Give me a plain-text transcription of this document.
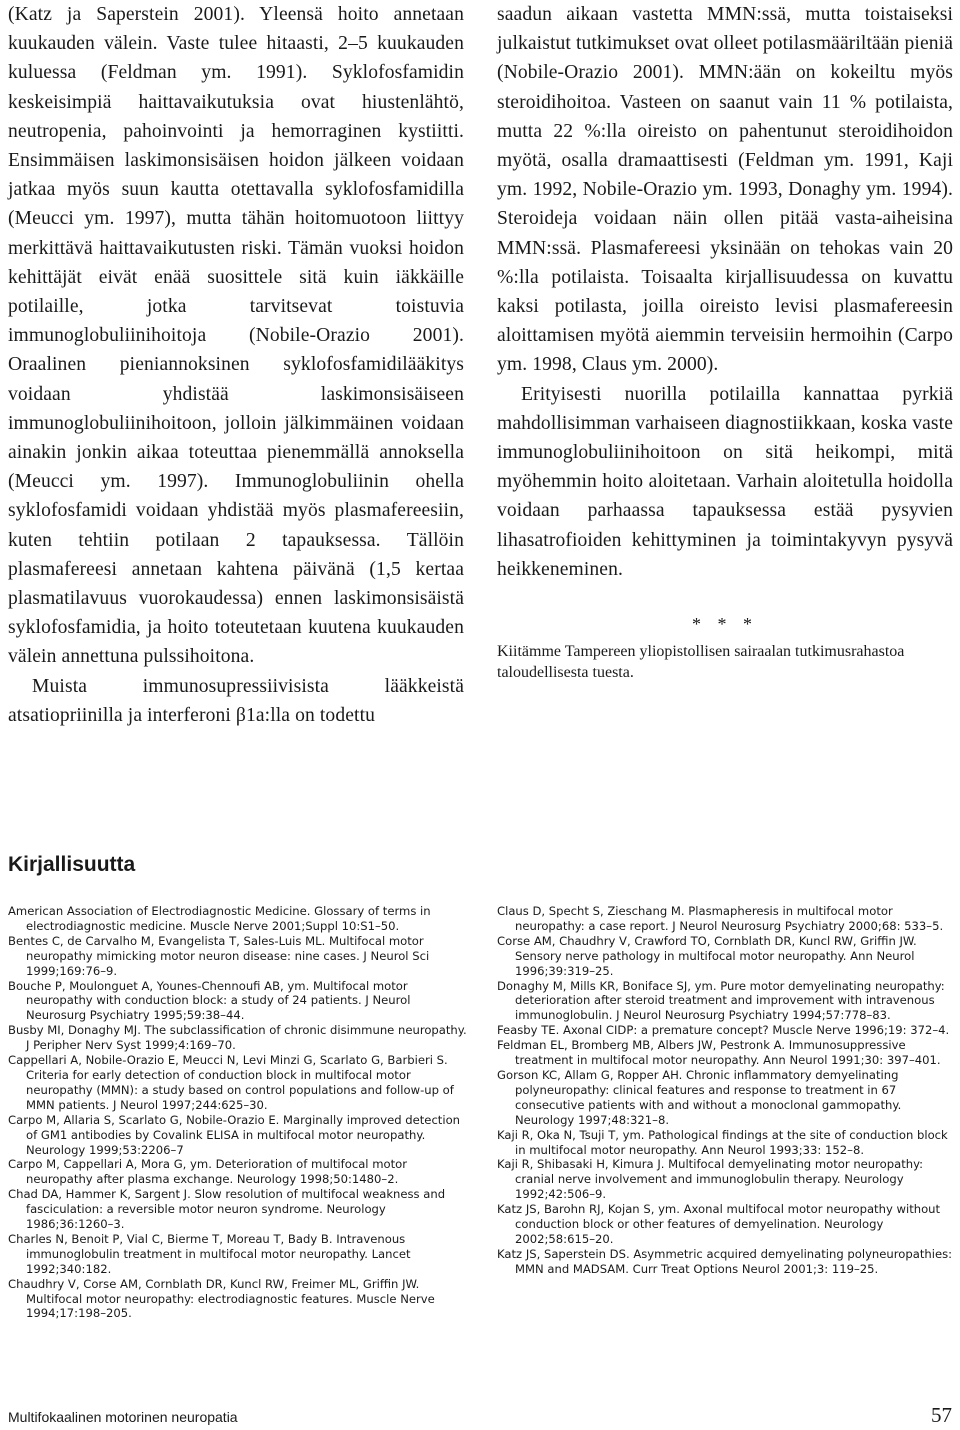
(Katz ja Saperstein 2001). Yleensä hoito annetaan kuukauden välein. Vaste tulee hitaasti, 2–5 kuukauden kuluessa (Feldman ym. 1991). Syklofosfamidin keskeisimpiä haittavaikutuksia ovat hiustenlähtö, neutropenia, pahoinvointi ja hemorraginen kystiitti. Ensimmäisen laskimonsisäisen hoidon jälkeen voidaan jatkaa myös suun kautta otettavalla syklofosfamidilla (Meucci ym. 1997), mutta tähän hoitomuotoon liittyy merkittävä haittavaikutusten riski. Tämän vuoksi hoidon kehittäjät eivät enää suosittele sitä kuin iäkkäille potilaille, jotka tarvitsevat toistuvia immunoglobuliinihoitoja (Nobile-Orazio 2001). Oraalinen pieniannoksinen syklofosfamidilääkitys voidaan yhdistää laskimonsisäiseen immunoglobuliinihoitoon, jolloin jälkimmäinen voidaan ainakin jonkin aikaa toteuttaa pienemmällä annoksella (Meucci ym. 1997). Immunoglobuliinin ohella syklofosfamidi voidaan yhdistää myös plasmafereesiin, kuten tehtiin potilaan 2 tapauksessa. Tällöin plasmafereesi annetaan kahtena päivänä (1,5 kertaa plasmatilavuus vuorokaudessa) ennen laskimonsisäistä syklofosfamidia, ja hoito toteutetaan kuutena kuukauden välein annettuna pulssihoitona.

Muista immunosupressiivisista lääkkeistä atsatiopriinilla ja interferoni β1a:lla on todettu

saadun aikaan vastetta MMN:ssä, mutta toistaiseksi julkaistut tutkimukset ovat olleet potilasmääriltään pieniä (Nobile-Orazio 2001). MMN:ään on kokeiltu myös steroidihoitoa. Vasteen on saanut vain 11 % potilaista, mutta 22 %:lla oireisto on pahentunut steroidihoidon myötä, osalla dramaattisesti (Feldman ym. 1991, Kaji ym. 1992, Nobile-Orazio ym. 1993, Donaghy ym. 1994). Steroideja voidaan näin ollen pitää vasta-aiheisina MMN:ssä. Plasmafereesi yksinään on tehokas vain 20 %:lla potilaista. Toisaalta kirjallisuudessa on kuvattu kaksi potilasta, joilla oireisto levisi plasmafereesin aloittamisen myötä aiemmin terveisiin hermoihin (Carpo ym. 1998, Claus ym. 2000).

Erityisesti nuorilla potilailla kannattaa pyrkiä mahdollisimman varhaiseen diagnostiikkaan, koska vaste immunoglobuliinihoitoon on sitä heikompi, mitä myöhemmin hoito aloitetaan. Varhain aloitetulla hoidolla voidaan parhaassa tapauksessa estää pysyvien lihasatrofioiden kehittyminen ja toimintakyvyn pysyvä heikkeneminen.

* * *
Kiitämme Tampereen yliopistollisen sairaalan tutkimusrahastoa taloudellisesta tuesta.
Kirjallisuutta

American Association of Electrodiagnostic Medicine. Glossary of terms in electrodiagnostic medicine. Muscle Nerve 2001;Suppl 10:S1–50.

Bentes C, de Carvalho M, Evangelista T, Sales-Luis ML. Multifocal motor neuropathy mimicking motor neuron disease: nine cases. J Neurol Sci 1999;169:76–9.

Bouche P, Moulonguet A, Younes-Chennoufi AB, ym. Multifocal motor neuropathy with conduction block: a study of 24 patients. J Neurol Neurosurg Psychiatry 1995;59:38–44.

Busby MI, Donaghy MJ. The subclassification of chronic disimmune neuropathy. J Peripher Nerv Syst 1999;4:169–70.

Cappellari A, Nobile-Orazio E, Meucci N, Levi Minzi G, Scarlato G, Barbieri S. Criteria for early detection of conduction block in multifocal motor neuropathy (MMN): a study based on control populations and follow-up of MMN patients. J Neurol 1997;244:625–30.

Carpo M, Allaria S, Scarlato G, Nobile-Orazio E. Marginally improved detection of GM1 antibodies by Covalink ELISA in multifocal motor neuropathy. Neurology 1999;53:2206–7

Carpo M, Cappellari A, Mora G, ym. Deterioration of multifocal motor neuropathy after plasma exchange. Neurology 1998;50:1480–2.

Chad DA, Hammer K, Sargent J. Slow resolution of multifocal weakness and fasciculation: a reversible motor neuron syndrome. Neurology 1986;36:1260–3.

Charles N, Benoit P, Vial C, Bierme T, Moreau T, Bady B. Intravenous immunoglobulin treatment in multifocal motor neuropathy. Lancet 1992;340:182.

Chaudhry V, Corse AM, Cornblath DR, Kuncl RW, Freimer ML, Griffin JW. Multifocal motor neuropathy: electrodiagnostic features. Muscle Nerve 1994;17:198–205.

Claus D, Specht S, Zieschang M. Plasmapheresis in multifocal motor neuropathy: a case report. J Neurol Neurosurg Psychiatry 2000;68: 533–5.

Corse AM, Chaudhry V, Crawford TO, Cornblath DR, Kuncl RW, Griffin JW. Sensory nerve pathology in multifocal motor neuropathy. Ann Neurol 1996;39:319–25.

Donaghy M, Mills KR, Boniface SJ, ym. Pure motor demyelinating neuropathy: deterioration after steroid treatment and improvement with intravenous immunoglobulin. J Neurol Neurosurg Psychiatry 1994;57:778–83.

Feasby TE. Axonal CIDP: a premature concept? Muscle Nerve 1996;19: 372–4.

Feldman EL, Bromberg MB, Albers JW, Pestronk A. Immunosuppressive treatment in multifocal motor neuropathy. Ann Neurol 1991;30: 397–401.

Gorson KC, Allam G, Ropper AH. Chronic inflammatory demyelinating polyneuropathy: clinical features and response to treatment in 67 consecutive patients with and without a monoclonal gammopathy. Neurology 1997;48:321–8.

Kaji R, Oka N, Tsuji T, ym. Pathological findings at the site of conduction block in multifocal motor neuropathy. Ann Neurol 1993;33: 152–8.

Kaji R, Shibasaki H, Kimura J. Multifocal demyelinating motor neuropathy: cranial nerve involvement and immunoglobulin therapy. Neurology 1992;42:506–9.

Katz JS, Barohn RJ, Kojan S, ym. Axonal multifocal motor neuropathy without conduction block or other features of demyelination. Neurology 2002;58:615–20.

Katz JS, Saperstein DS. Asymmetric acquired demyelinating polyneuropathies: MMN and MADSAM. Curr Treat Options Neurol 2001;3: 119–25.

Multifokaalinen motorinen neuropatia	57
